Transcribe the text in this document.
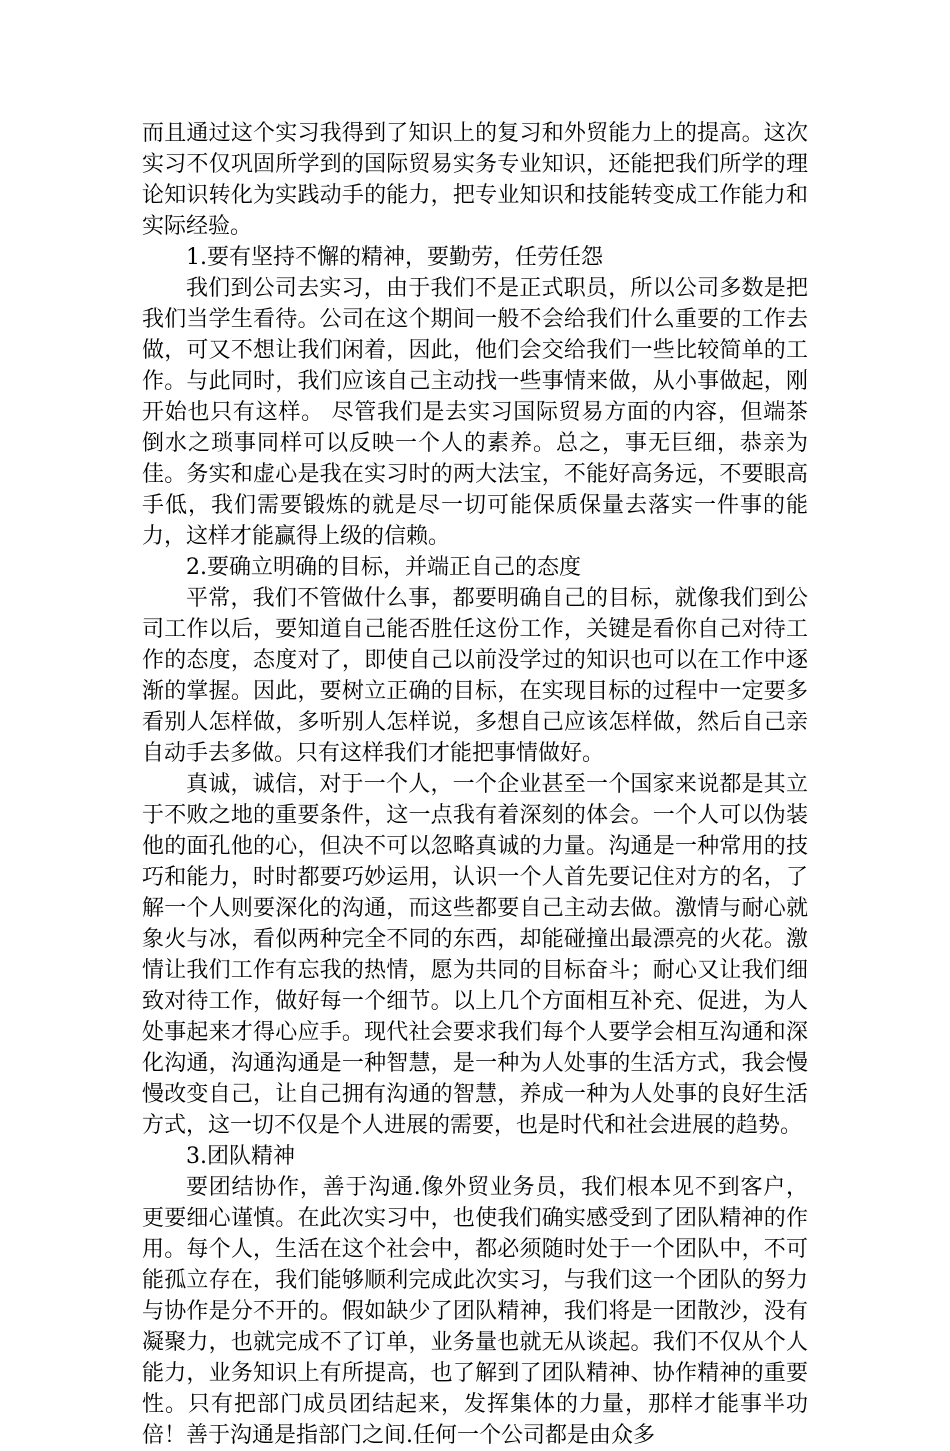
而且通过这个实习我得到了知识上的复习和外贸能力上的提高。这次实习不仅巩固所学到的国际贸易实务专业知识，还能把我们所学的理论知识转化为实践动手的能力，把专业知识和技能转变成工作能力和实际经验。

1.要有坚持不懈的精神，要勤劳，任劳任怨

我们到公司去实习，由于我们不是正式职员，所以公司多数是把我们当学生看待。公司在这个期间一般不会给我们什么重要的工作去做，可又不想让我们闲着，因此，他们会交给我们一些比较简单的工作。与此同时，我们应该自己主动找一些事情来做，从小事做起，刚开始也只有这样。 尽管我们是去实习国际贸易方面的内容，但端茶倒水之琐事同样可以反映一个人的素养。总之，事无巨细，恭亲为佳。务实和虚心是我在实习时的两大法宝，不能好高务远，不要眼高手低，我们需要锻炼的就是尽一切可能保质保量去落实一件事的能力，这样才能赢得上级的信赖。

2.要确立明确的目标，并端正自己的态度

平常，我们不管做什么事，都要明确自己的目标，就像我们到公司工作以后，要知道自己能否胜任这份工作，关键是看你自己对待工作的态度，态度对了，即使自己以前没学过的知识也可以在工作中逐渐的掌握。因此，要树立正确的目标，在实现目标的过程中一定要多看别人怎样做，多听别人怎样说，多想自己应该怎样做，然后自己亲自动手去多做。只有这样我们才能把事情做好。

真诚，诚信，对于一个人，一个企业甚至一个国家来说都是其立于不败之地的重要条件，这一点我有着深刻的体会。一个人可以伪装他的面孔他的心，但决不可以忽略真诚的力量。沟通是一种常用的技巧和能力，时时都要巧妙运用，认识一个人首先要记住对方的名，了解一个人则要深化的沟通，而这些都要自己主动去做。激情与耐心就象火与冰，看似两种完全不同的东西，却能碰撞出最漂亮的火花。激情让我们工作有忘我的热情，愿为共同的目标奋斗；耐心又让我们细致对待工作，做好每一个细节。以上几个方面相互补充、促进，为人处事起来才得心应手。现代社会要求我们每个人要学会相互沟通和深化沟通，沟通沟通是一种智慧，是一种为人处事的生活方式，我会慢慢改变自己，让自己拥有沟通的智慧，养成一种为人处事的良好生活方式，这一切不仅是个人进展的需要，也是时代和社会进展的趋势。

3.团队精神

要团结协作，善于沟通.像外贸业务员，我们根本见不到客户，更要细心谨慎。在此次实习中，也使我们确实感受到了团队精神的作用。每个人，生活在这个社会中，都必须随时处于一个团队中，不可能孤立存在，我们能够顺利完成此次实习，与我们这一个团队的努力与协作是分不开的。假如缺少了团队精神，我们将是一团散沙，没有凝聚力，也就完成不了订单，业务量也就无从谈起。我们不仅从个人能力，业务知识上有所提高，也了解到了团队精神、协作精神的重要性。只有把部门成员团结起来，发挥集体的力量，那样才能事半功倍！善于沟通是指部门之间.任何一个公司都是由众多
